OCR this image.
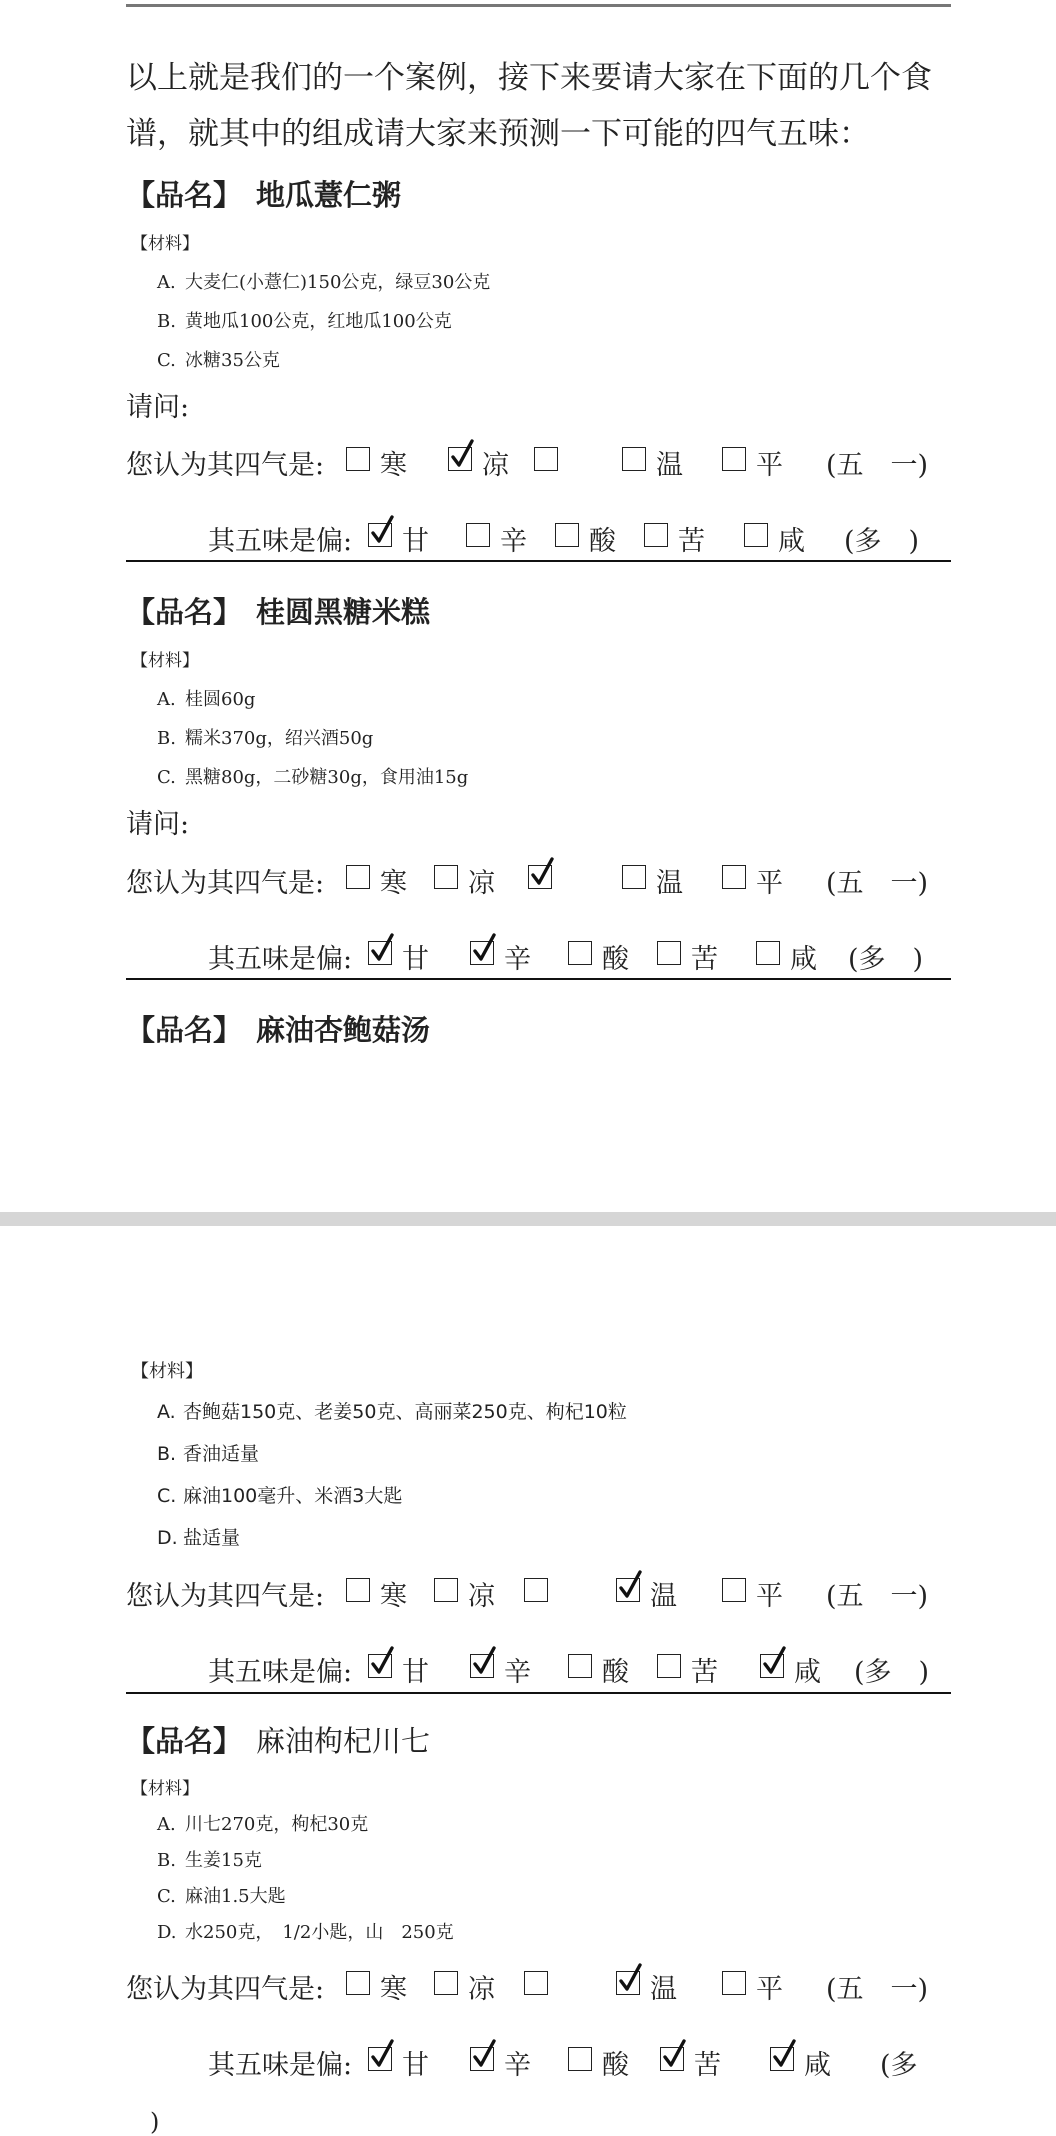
以上就是我们的一个案例，接下来要请大家在下面的几个食
谱，就其中的组成请大家来预测一下可能的四气五味：
【品名】 地瓜薏仁粥
【材料】
A. 大麦仁(小薏仁)150公克，绿豆30公克
B. 黄地瓜100公克，红地瓜100公克
C. 冰糖35公克
请问:
您认为其四气是: 寒	凉	温	平 (五　一)
其五味是偏: 甘	辛 酸 苦	咸 (多　)
【品名】 桂圆黑糖米糕
【材料】
A. 桂圆60g
B. 糯米370g，绍兴酒50g
C. 黑糖80g，二砂糖30g，食用油15g
请问:
您认为其四气是: 寒 凉	温	平 (五　一)
其五味是偏: 甘	辛	酸 苦	咸 (多　)
【品名】 麻油杏鲍菇汤
【材料】
A. 杏鲍菇150克、老姜50克、高丽菜250克、枸杞10粒
B. 香油适量
C. 麻油100毫升、米酒3大匙
D. 盐适量
您认为其四气是: 寒 凉	温	平 (五　一)
其五味是偏: 甘	辛	酸 苦	咸 (多　)
【品名】 麻油枸杞川七
【材料】
A. 川七270克，枸杞30克
B. 生姜15克
C. 麻油1.5大匙
D. 水250克，　1/2小匙，山　250克
您认为其四气是: 寒 凉	温	平 (五　一)
其五味是偏: 甘	辛	酸 苦	咸 (多
)
